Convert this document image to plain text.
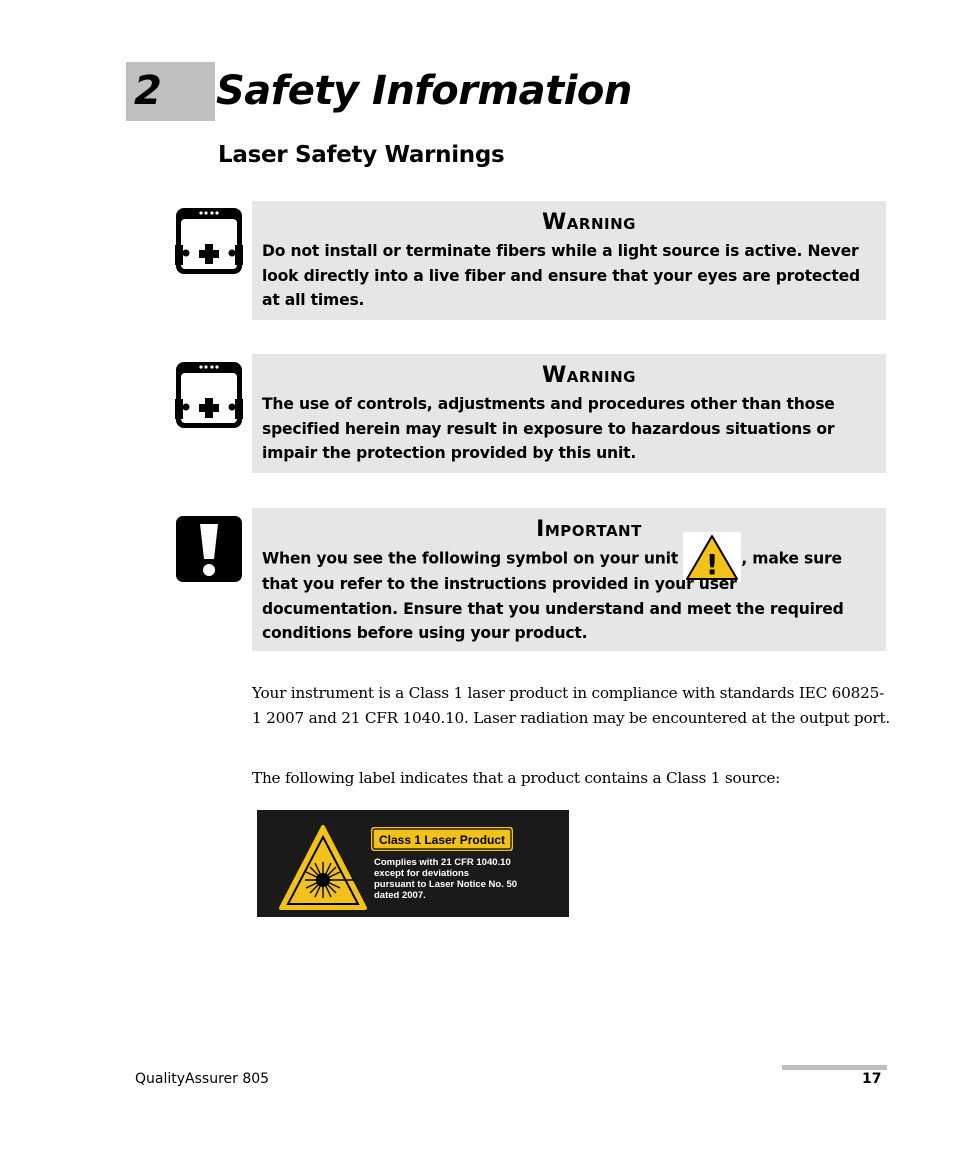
2	Safety Information
Laser Safety Warnings
Warning
Do not install or terminate fibers while a light source is active. Never look directly into a live fiber and ensure that your eyes are protected at all times.
Warning
The use of controls, adjustments and procedures other than those specified herein may result in exposure to hazardous situations or impair the protection provided by this unit.
Important
When you see the following symbol on your unit ! , make sure that you refer to the instructions provided in your user documentation. Ensure that you understand and meet the required conditions before using your product.
Your instrument is a Class 1 laser product in compliance with standards IEC 60825-1 2007 and 21 CFR 1040.10. Laser radiation may be encountered at the output port.
The following label indicates that a product contains a Class 1 source:
Class 1 Laser Product
Complies with 21 CFR 1040.10
except for deviations
pursuant to Laser Notice No. 50
dated 2007.
QualityAssurer 805	17
